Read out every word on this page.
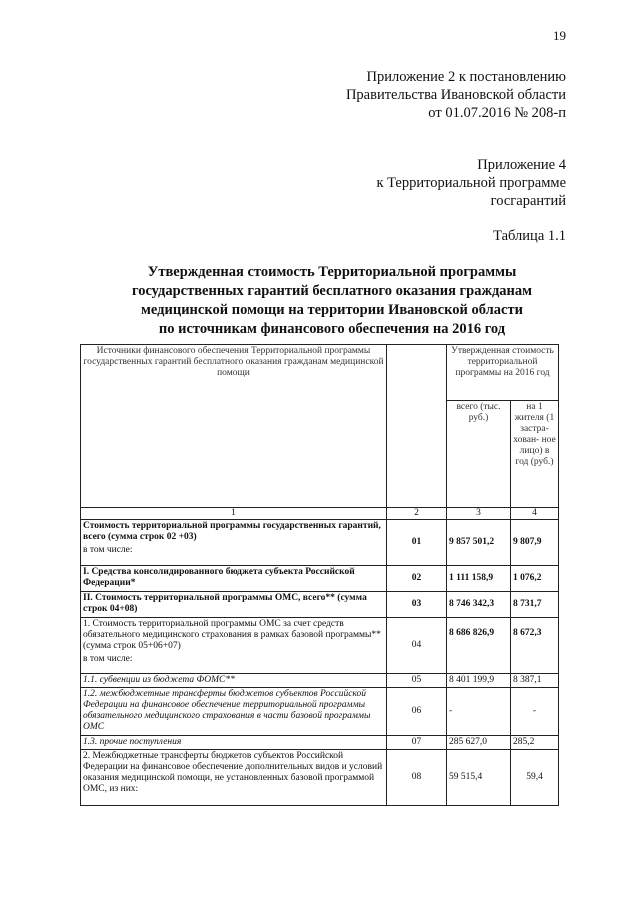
19
Приложение 2 к постановлению
Правительства Ивановской области
от 01.07.2016 № 208-п
Приложение 4
к Территориальной программе
госгарантий
Таблица 1.1
Утвержденная стоимость Территориальной программы
государственных гарантий бесплатного оказания гражданам
медицинской помощи на территории Ивановской области
по источникам финансового обеспечения на 2016 год
Источники финансового обеспечения Территориальной программы государственных гарантий бесплатного оказания гражданам медицинской помощи		Утвержденная стоимость территориальной программы на 2016 год	
		всего (тыс. руб.)	на 1 жителя (1 застра- хован- ное лицо) в год (руб.)
1	2	3	4
Стоимость территориальной программы государственных гарантий, всего (сумма строк 02 +03)
в том числе:	01	9 857 501,2	9 807,9
I. Средства консолидированного бюджета субъекта Российской Федерации*	02	1 111 158,9	1 076,2
II. Стоимость территориальной программы ОМС, всего** (сумма строк 04+08)	03	8 746 342,3	8 731,7
1. Стоимость территориальной программы ОМС за счет средств обязательного медицинского страхования в рамках базовой программы** (сумма строк 05+06+07)
в том числе:	04	8 686 826,9	8 672,3
1.1. субвенции из бюджета ФОМС**	05	8 401 199,9	8 387,1
1.2. межбюджетные трансферты бюджетов субъектов Российской Федерации на финансовое обеспечение территориальной программы обязательного медицинского страхования в части базовой программы ОМС	06	-	-
1.3. прочие поступления	07	285 627,0	285,2
2. Межбюджетные трансферты бюджетов субъектов Российской Федерации на финансовое обеспечение дополнительных видов и условий оказания медицинской помощи, не установленных базовой программой ОМС, из них:	08	59 515,4	59,4
